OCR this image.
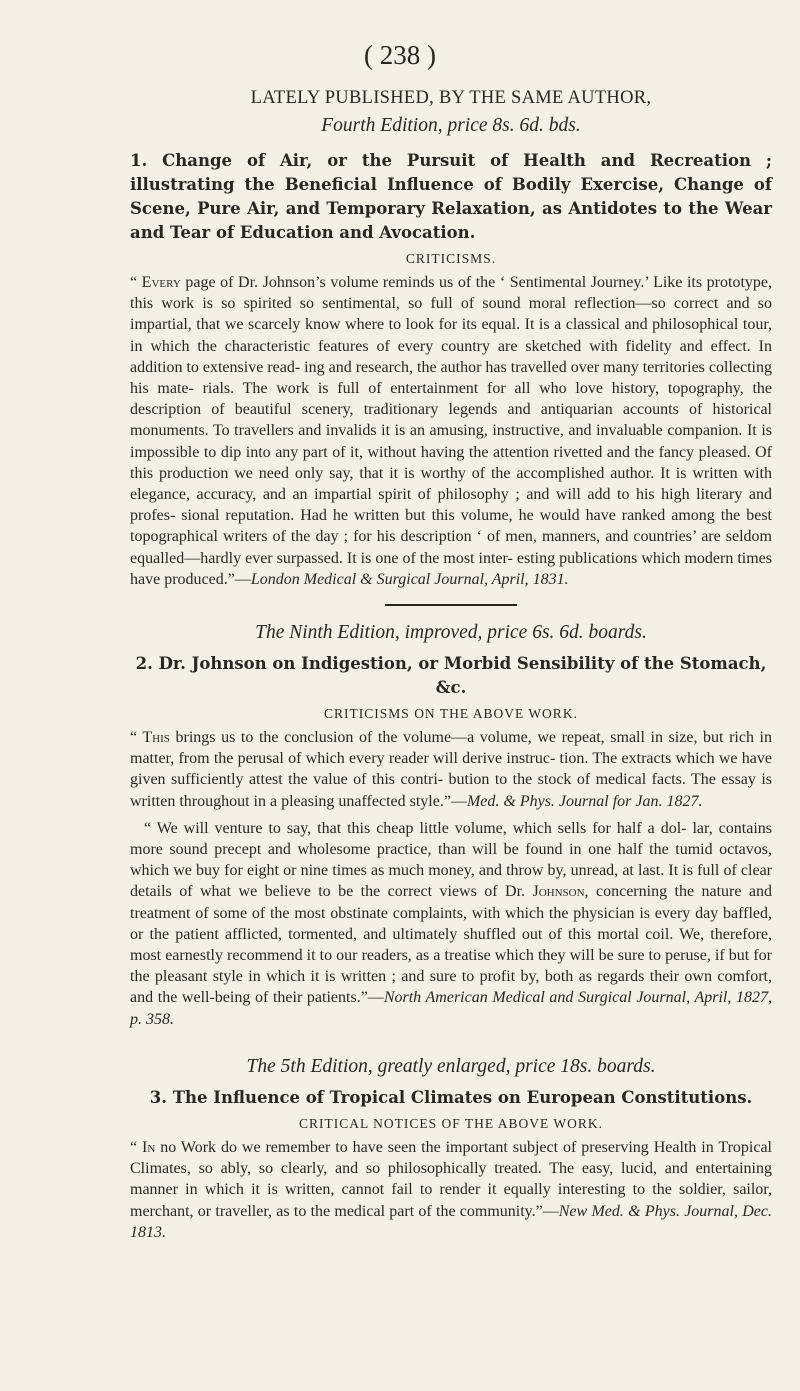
( 238 )
LATELY PUBLISHED, BY THE SAME AUTHOR,
Fourth Edition, price 8s. 6d. bds.
1. Change of Air, or the Pursuit of Health and Recreation ; illustrating the Beneficial Influence of Bodily Exercise, Change of Scene, Pure Air, and Temporary Relaxation, as Antidotes to the Wear and Tear of Education and Avocation.
CRITICISMS.
“ Every page of Dr. Johnson’s volume reminds us of the ‘ Sentimental Journey.’ Like its prototype, this work is so spirited so sentimental, so full of sound moral reflection—so correct and so impartial, that we scarcely know where to look for its equal. It is a classical and philosophical tour, in which the characteristic features of every country are sketched with fidelity and effect. In addition to extensive read- ing and research, the author has travelled over many territories collecting his mate- rials. The work is full of entertainment for all who love history, topography, the description of beautiful scenery, traditionary legends and antiquarian accounts of historical monuments. To travellers and invalids it is an amusing, instructive, and invaluable companion. It is impossible to dip into any part of it, without having the attention rivetted and the fancy pleased. Of this production we need only say, that it is worthy of the accomplished author. It is written with elegance, accuracy, and an impartial spirit of philosophy ; and will add to his high literary and profes- sional reputation. Had he written but this volume, he would have ranked among the best topographical writers of the day ; for his description ‘ of men, manners, and countries’ are seldom equalled—hardly ever surpassed. It is one of the most inter- esting publications which modern times have produced.”—London Medical & Surgical Journal, April, 1831.
The Ninth Edition, improved, price 6s. 6d. boards.
2. Dr. Johnson on Indigestion, or Morbid Sensibility of the Stomach, &c.
CRITICISMS ON THE ABOVE WORK.
“ This brings us to the conclusion of the volume—a volume, we repeat, small in size, but rich in matter, from the perusal of which every reader will derive instruc- tion. The extracts which we have given sufficiently attest the value of this contri- bution to the stock of medical facts. The essay is written throughout in a pleasing unaffected style.”—Med. & Phys. Journal for Jan. 1827.
“ We will venture to say, that this cheap little volume, which sells for half a dol- lar, contains more sound precept and wholesome practice, than will be found in one half the tumid octavos, which we buy for eight or nine times as much money, and throw by, unread, at last. It is full of clear details of what we believe to be the correct views of Dr. Johnson, concerning the nature and treatment of some of the most obstinate complaints, with which the physician is every day baffled, or the patient afflicted, tormented, and ultimately shuffled out of this mortal coil. We, therefore, most earnestly recommend it to our readers, as a treatise which they will be sure to peruse, if but for the pleasant style in which it is written ; and sure to profit by, both as regards their own comfort, and the well-being of their patients.”—North American Medical and Surgical Journal, April, 1827, p. 358.
The 5th Edition, greatly enlarged, price 18s. boards.
3. The Influence of Tropical Climates on European Constitutions.
CRITICAL NOTICES OF THE ABOVE WORK.
“ In no Work do we remember to have seen the important subject of preserving Health in Tropical Climates, so ably, so clearly, and so philosophically treated. The easy, lucid, and entertaining manner in which it is written, cannot fail to render it equally interesting to the soldier, sailor, merchant, or traveller, as to the medical part of the community.”—New Med. & Phys. Journal, Dec. 1813.
